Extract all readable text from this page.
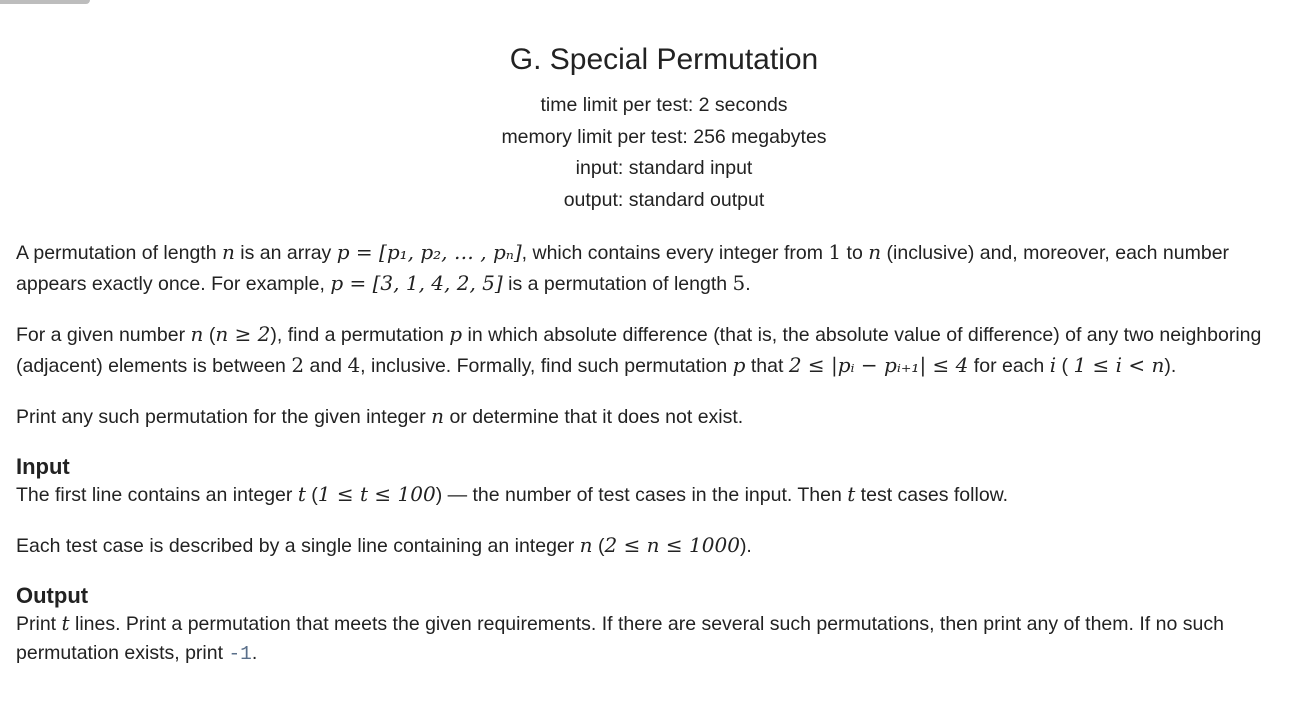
G. Special Permutation
time limit per test: 2 seconds
memory limit per test: 256 megabytes
input: standard input
output: standard output

A permutation of length n is an array p = [p₁, p₂, … , pₙ], which contains every integer from 1 to n (inclusive) and, moreover, each number appears exactly once. For example, p = [3, 1, 4, 2, 5] is a permutation of length 5.

For a given number n (n ≥ 2), find a permutation p in which absolute difference (that is, the absolute value of difference) of any two neighboring (adjacent) elements is between 2 and 4, inclusive. Formally, find such permutation p that 2 ≤ |pᵢ − pᵢ₊₁| ≤ 4 for each i ( 1 ≤ i < n).

Print any such permutation for the given integer n or determine that it does not exist.

Input

The first line contains an integer t (1 ≤ t ≤ 100) — the number of test cases in the input. Then t test cases follow.

Each test case is described by a single line containing an integer n (2 ≤ n ≤ 1000).

Output

Print t lines. Print a permutation that meets the given requirements. If there are several such permutations, then print any of them. If no such permutation exists, print -1.
